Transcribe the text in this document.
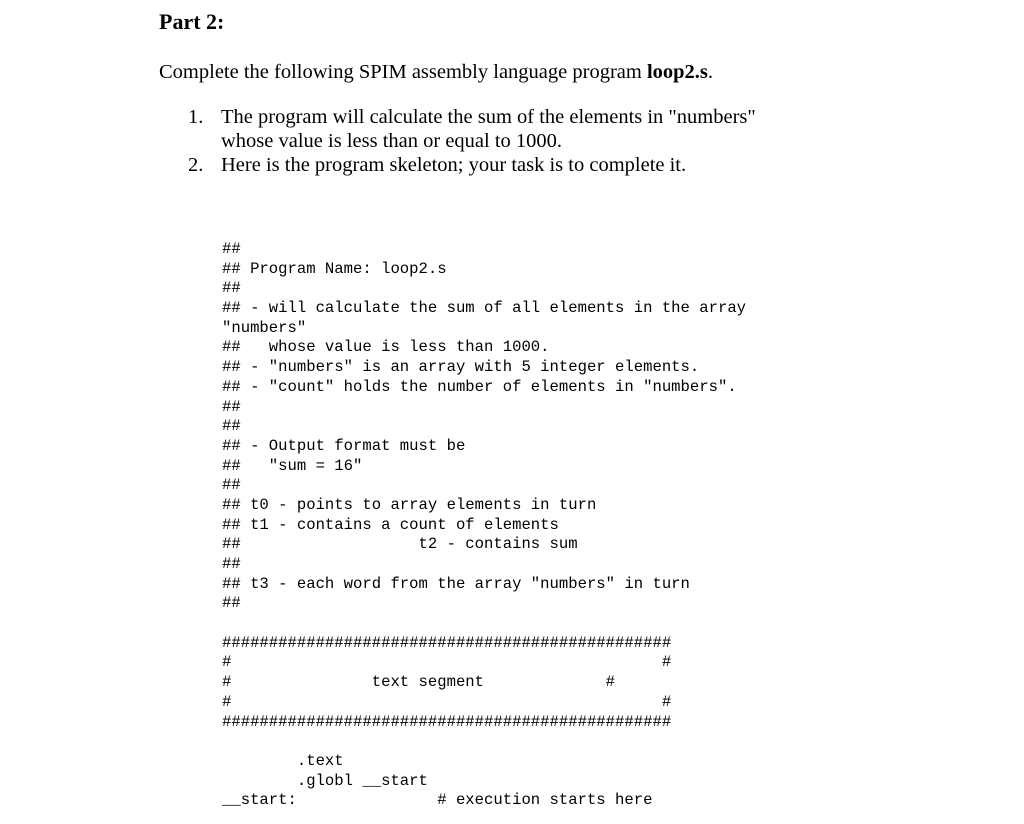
Part 2:

Complete the following SPIM assembly language program loop2.s.

1. The program will calculate the sum of the elements in "numbers"
whose value is less than or equal to 1000.
2. Here is the program skeleton; your task is to complete it.
##
## Program Name: loop2.s
##
## - will calculate the sum of all elements in the array
"numbers"
##   whose value is less than 1000.
## - "numbers" is an array with 5 integer elements.
## - "count" holds the number of elements in "numbers".
##
##
## - Output format must be
##   "sum = 16"
##
## t0 - points to array elements in turn
## t1 - contains a count of elements
##                   t2 - contains sum
##
## t3 - each word from the array "numbers" in turn
##
################################################
#                                              #
#               text segment             #
#                                              #
################################################
.text
.globl __start
__start:               # execution starts here
